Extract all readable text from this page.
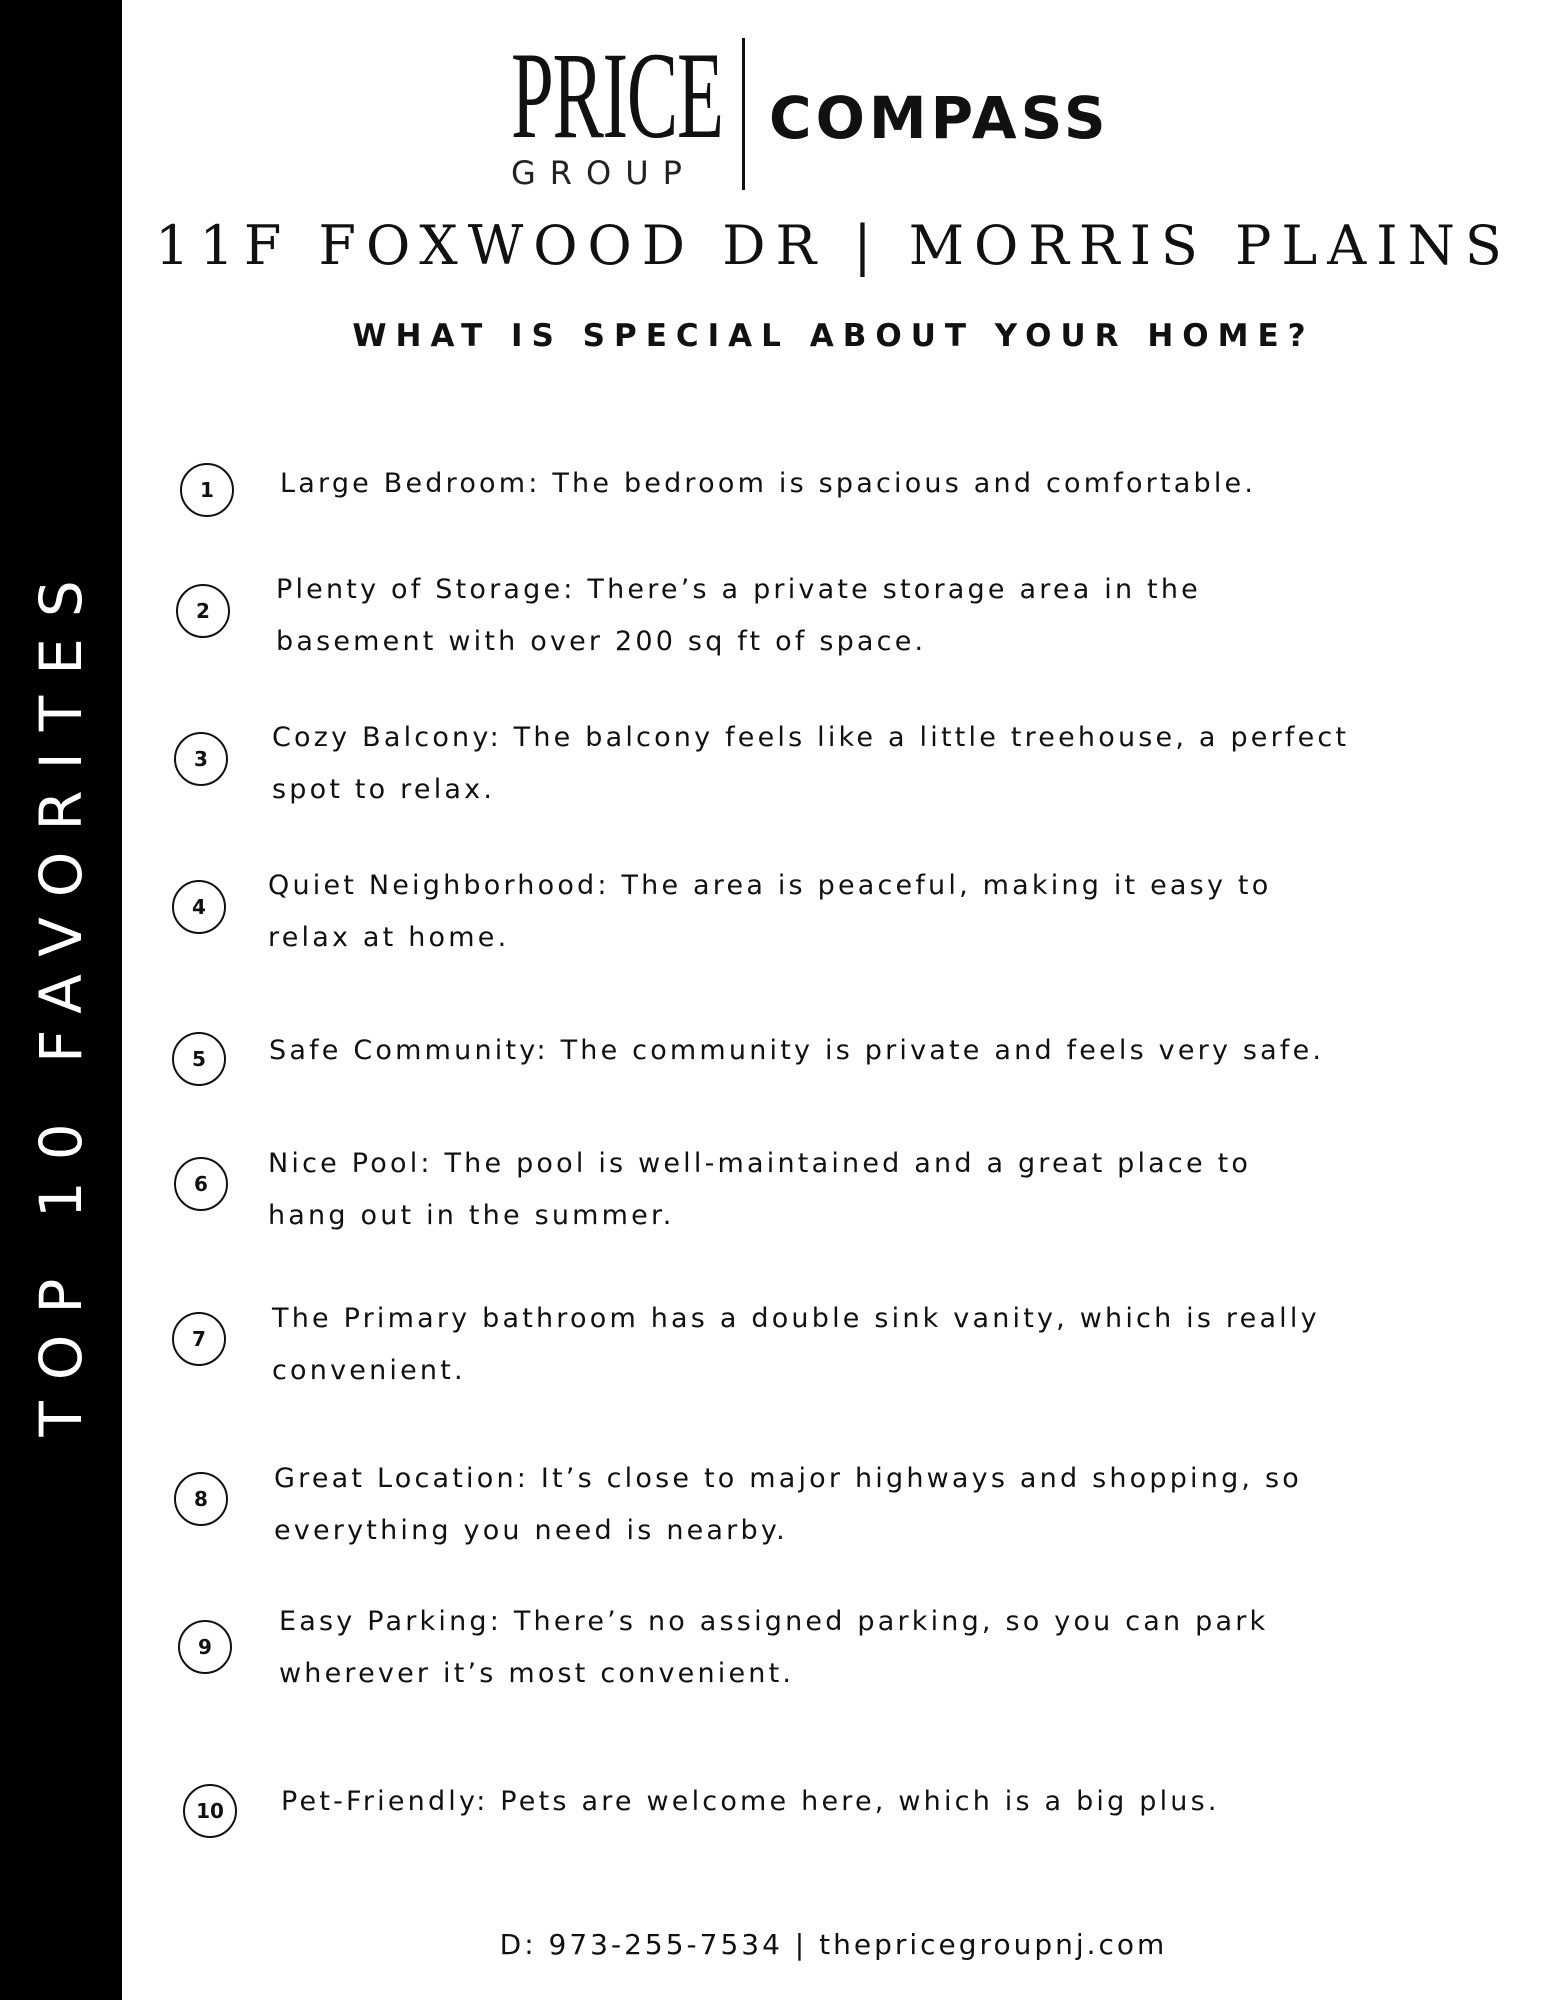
TOP 10 FAVORITES
PRICE
GROUP
COMPASS
11F FOXWOOD DR | MORRIS PLAINS
WHAT IS SPECIAL ABOUT YOUR HOME?
1	Large Bedroom: The bedroom is spacious and comfortable.
2
Plenty of Storage: There’s a private storage area in the basement with over 200 sq ft of space.
3
Cozy Balcony: The balcony feels like a little treehouse, a perfect spot to relax.
4
Quiet Neighborhood: The area is peaceful, making it easy to relax at home.
5	Safe Community: The community is private and feels very safe.
6
Nice Pool: The pool is well-maintained and a great place to hang out in the summer.
7
The Primary bathroom has a double sink vanity, which is really convenient.
8
Great Location: It’s close to major highways and shopping, so everything you need is nearby.
9
Easy Parking: There’s no assigned parking, so you can park wherever it’s most convenient.
10	Pet-Friendly: Pets are welcome here, which is a big plus.
D: 973-255-7534 | thepricegroupnj.com
